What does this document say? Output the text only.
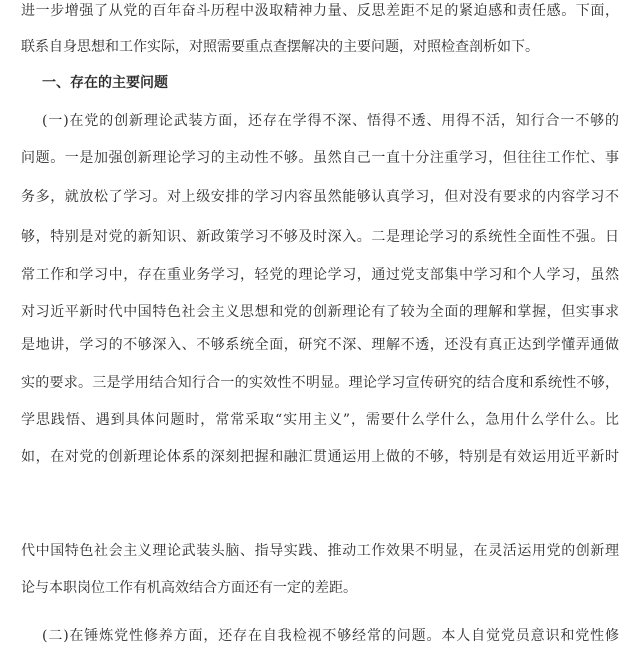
进一步增强了从党的百年奋斗历程中汲取精神力量、反思差距不足的紧迫感和责任感。下面，
联系自身思想和工作实际，对照需要重点查摆解决的主要问题，对照检查剖析如下。
一、存在的主要问题
(一)在党的创新理论武装方面，还存在学得不深、悟得不透、用得不活，知行合一不够的
问题。一是加强创新理论学习的主动性不够。虽然自己一直十分注重学习，但往往工作忙、事
务多，就放松了学习。对上级安排的学习内容虽然能够认真学习，但对没有要求的内容学习不
够，特别是对党的新知识、新政策学习不够及时深入。二是理论学习的系统性全面性不强。日
常工作和学习中，存在重业务学习，轻党的理论学习，通过党支部集中学习和个人学习，虽然
对习近平新时代中国特色社会主义思想和党的创新理论有了较为全面的理解和掌握，但实事求
是地讲，学习的不够深入、不够系统全面，研究不深、理解不透，还没有真正达到学懂弄通做
实的要求。三是学用结合知行合一的实效性不明显。理论学习宣传研究的结合度和系统性不够，
学思践悟、遇到具体问题时，常常采取“实用主义”，需要什么学什么，急用什么学什么。比
如，在对党的创新理论体系的深刻把握和融汇贯通运用上做的不够，特别是有效运用近平新时
代中国特色社会主义理论武装头脑、指导实践、推动工作效果不明显，在灵活运用党的创新理
论与本职岗位工作有机高效结合方面还有一定的差距。
(二)在锤炼党性修养方面，还存在自我检视不够经常的问题。本人自觉党员意识和党性修
